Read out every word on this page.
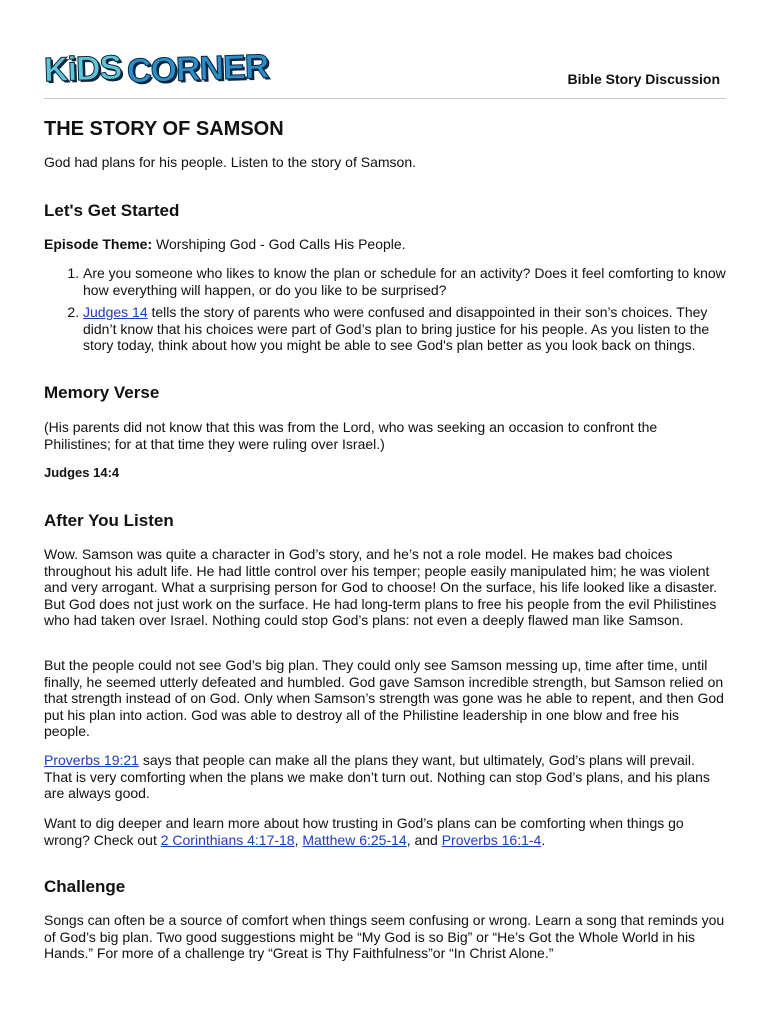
KiDS CORNER	Bible Story Discussion
THE STORY OF SAMSON

God had plans for his people. Listen to the story of Samson.

Let's Get Started

Episode Theme: Worshiping God - God Calls His People.

1. Are you someone who likes to know the plan or schedule for an activity? Does it feel comforting to know how everything will happen, or do you like to be surprised?
2. Judges 14 tells the story of parents who were confused and disappointed in their son’s choices. They didn’t know that his choices were part of God’s plan to bring justice for his people. As you listen to the story today, think about how you might be able to see God's plan better as you look back on things.
Memory Verse

(His parents did not know that this was from the Lord, who was seeking an occasion to confront the Philistines; for at that time they were ruling over Israel.)

Judges 14:4

After You Listen

Wow. Samson was quite a character in God’s story, and he’s not a role model. He makes bad choices throughout his adult life. He had little control over his temper; people easily manipulated him; he was violent and very arrogant. What a surprising person for God to choose! On the surface, his life looked like a disaster. But God does not just work on the surface. He had long-term plans to free his people from the evil Philistines who had taken over Israel. Nothing could stop God’s plans: not even a deeply flawed man like Samson.

But the people could not see God’s big plan. They could only see Samson messing up, time after time, until finally, he seemed utterly defeated and humbled. God gave Samson incredible strength, but Samson relied on that strength instead of on God. Only when Samson’s strength was gone was he able to repent, and then God put his plan into action. God was able to destroy all of the Philistine leadership in one blow and free his people.

Proverbs 19:21 says that people can make all the plans they want, but ultimately, God’s plans will prevail. That is very comforting when the plans we make don’t turn out. Nothing can stop God’s plans, and his plans are always good.

Want to dig deeper and learn more about how trusting in God’s plans can be comforting when things go wrong? Check out 2 Corinthians 4:17-18, Matthew 6:25-14, and Proverbs 16:1-4.

Challenge

Songs can often be a source of comfort when things seem confusing or wrong. Learn a song that reminds you of God’s big plan. Two good suggestions might be “My God is so Big” or “He’s Got the Whole World in his Hands.” For more of a challenge try “Great is Thy Faithfulness”or “In Christ Alone.”
